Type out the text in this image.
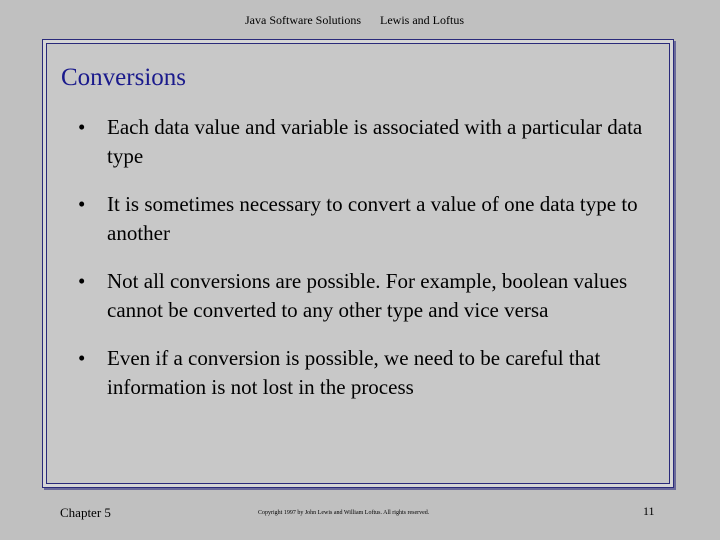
Java Software Solutions Lewis and Loftus
Conversions
• Each data value and variable is associated with a particular data type
• It is sometimes necessary to convert a value of one data type to another
• Not all conversions are possible. For example, boolean values cannot be converted to any other type and vice versa
• Even if a conversion is possible, we need to be careful that information is not lost in the process
Chapter 5	Copyright 1997 by John Lewis and William Loftus. All rights reserved.	11
